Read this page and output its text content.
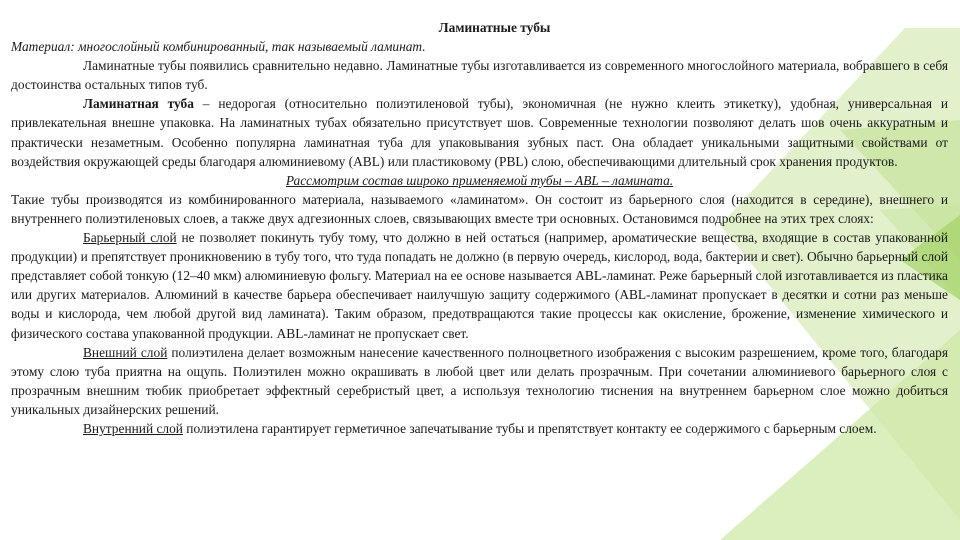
Ламинатные тубы

Материал: многослойный комбинированный, так называемый ламинат.

Ламинатные тубы появились сравнительно недавно. Ламинатные тубы изготавливается из современного многослойного материала, вобравшего в себя достоинства остальных типов туб.

Ламинатная туба – недорогая (относительно полиэтиленовой тубы), экономичная (не нужно клеить этикетку), удобная, универсальная и привлекательная внешне упаковка. На ламинатных тубах обязательно присутствует шов. Современные технологии позволяют делать шов очень аккуратным и практически незаметным. Особенно популярна ламинатная туба для упаковывания зубных паст. Она обладает уникальными защитными свойствами от воздействия окружающей среды благодаря алюминиевому (ABL) или пластиковому (PBL) слою, обеспечивающими длительный срок хранения продуктов.

Рассмотрим состав широко применяемой тубы – ABL – ламината.

Такие тубы производятся из комбинированного материала, называемого «ламинатом». Он состоит из барьерного слоя (находится в середине), внешнего и внутреннего полиэтиленовых слоев, а также двух адгезионных слоев, связывающих вместе три основных. Остановимся подробнее на этих трех слоях:

Барьерный слой не позволяет покинуть тубу тому, что должно в ней остаться (например, ароматические вещества, входящие в состав упакованной продукции) и препятствует проникновению в тубу того, что туда попадать не должно (в первую очередь, кислород, вода, бактерии и свет). Обычно барьерный слой представляет собой тонкую (12–40 мкм) алюминиевую фольгу. Материал на ее основе называется ABL-ламинат. Реже барьерный слой изготавливается из пластика или других материалов. Алюминий в качестве барьера обеспечивает наилучшую защиту содержимого (ABL-ламинат пропускает в десятки и сотни раз меньше воды и кислорода, чем любой другой вид ламината). Таким образом, предотвращаются такие процессы как окисление, брожение, изменение химического и физического состава упакованной продукции. ABL-ламинат не пропускает свет.

Внешний слой полиэтилена делает возможным нанесение качественного полноцветного изображения с высоким разрешением, кроме того, благодаря этому слою туба приятна на ощупь. Полиэтилен можно окрашивать в любой цвет или делать прозрачным. При сочетании алюминиевого барьерного слоя с прозрачным внешним тюбик приобретает эффектный серебристый цвет, а используя технологию тиснения на внутреннем барьерном слое можно добиться уникальных дизайнерских решений.

Внутренний слой полиэтилена гарантирует герметичное запечатывание тубы и препятствует контакту ее содержимого с барьерным слоем.
